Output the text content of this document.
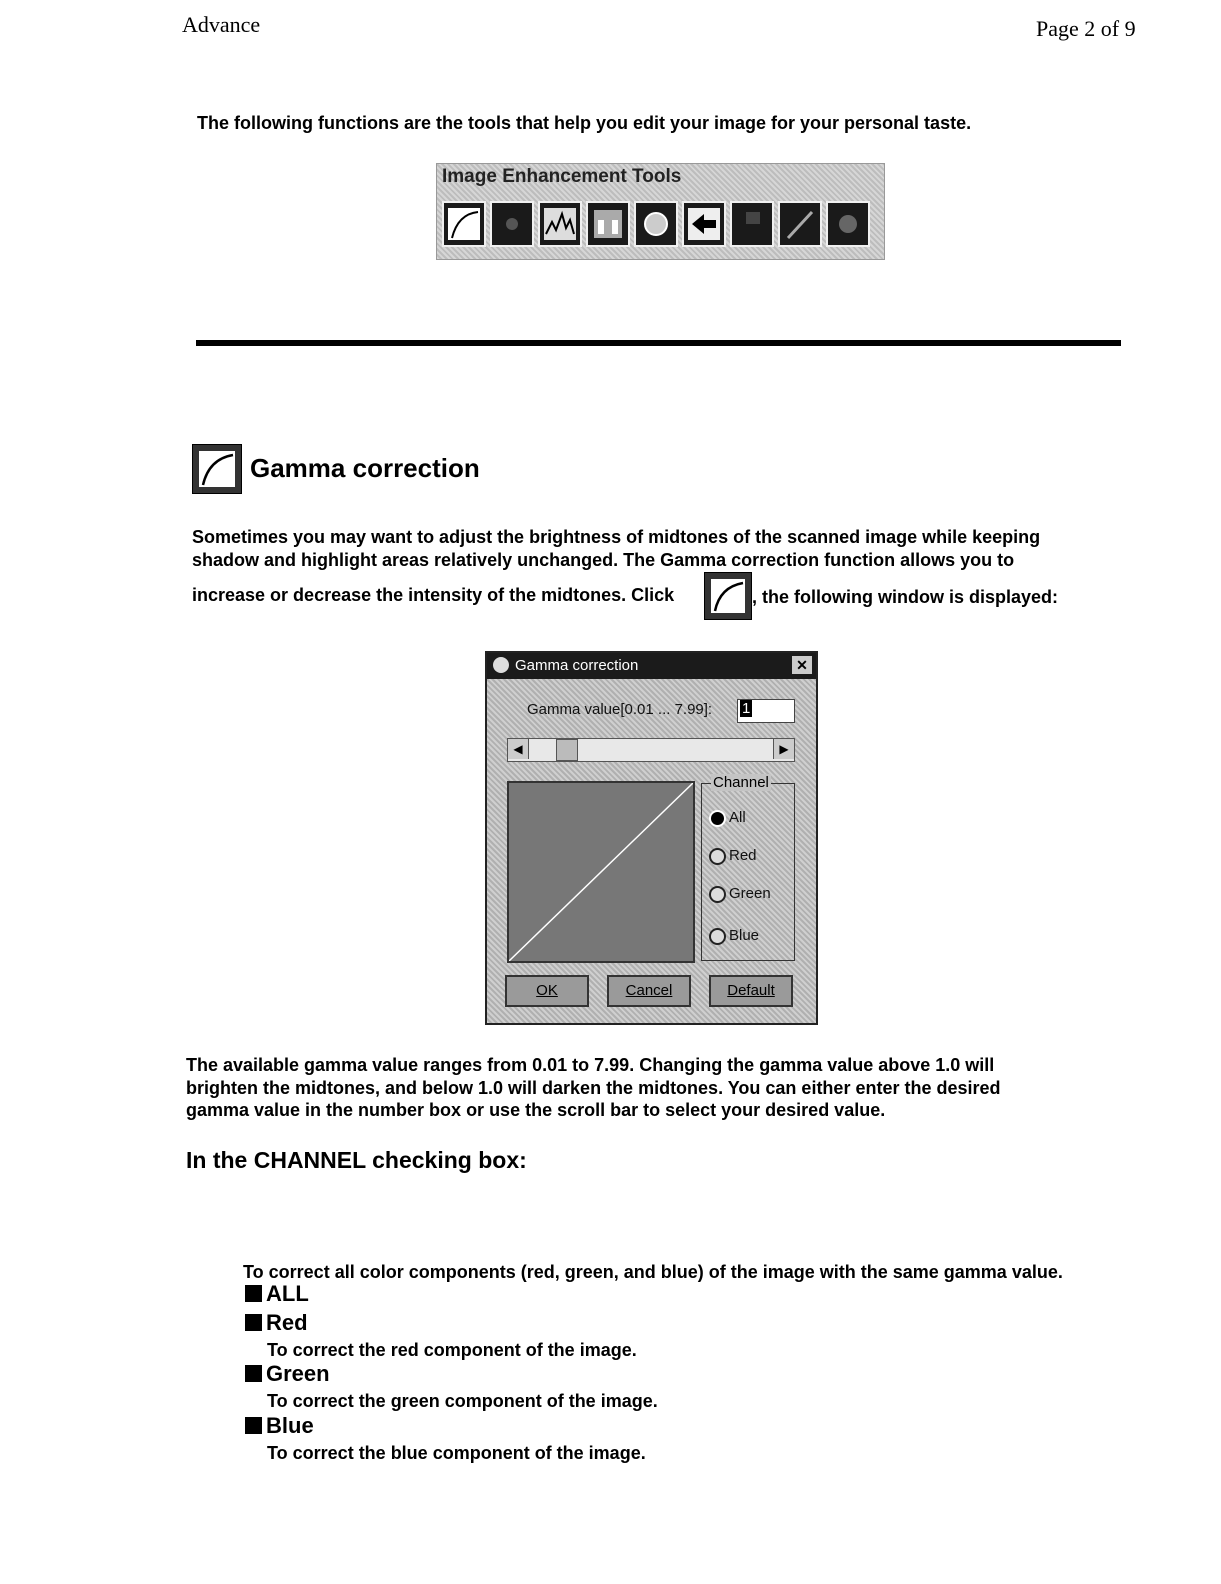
Advance	Page 2 of 9
The following functions are the tools that help you edit your image for your personal taste.
Image Enhancement Tools
Gamma correction
Sometimes you may want to adjust the brightness of midtones of the scanned image while keeping
shadow and highlight areas relatively unchanged. The Gamma correction function allows you to
increase or decrease the intensity of the midtones. Click	, the following window is displayed:
Gamma correction	✕
Gamma value[0.01 ... 7.99]:	1
◀	▶
Channel
All
Red
Green
Blue
OK	Cancel	Default
The available gamma value ranges from 0.01 to 7.99. Changing the gamma value above 1.0 will
brighten the midtones, and below 1.0 will darken the midtones. You can either enter the desired
gamma value in the number box or use the scroll bar to select your desired value.
In the CHANNEL checking box:
To correct all color components (red, green, and blue) of the image with the same gamma value.
ALL
Red
To correct the red component of the image.
Green
To correct the green component of the image.
Blue
To correct the blue component of the image.
